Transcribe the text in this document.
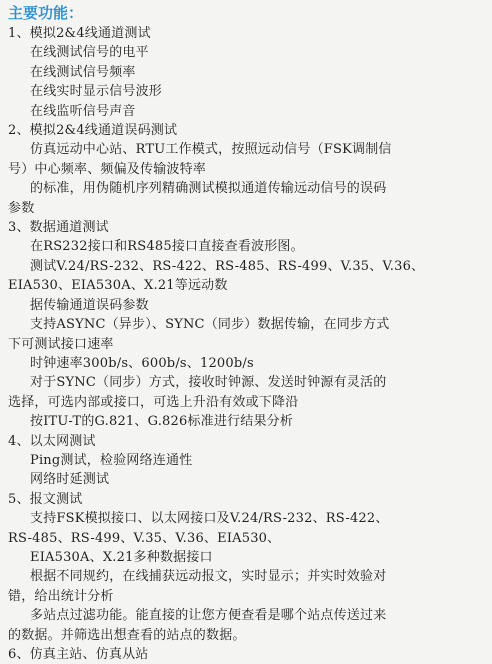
主要功能：
1、模拟2&4线通道测试
在线测试信号的电平
在线测试信号频率
在线实时显示信号波形
在线监听信号声音
2、模拟2&4线通道误码测试
仿真远动中心站、RTU工作模式，按照远动信号（FSK调制信
号）中心频率、频偏及传输波特率
的标准，用伪随机序列精确测试模拟通道传输远动信号的误码
参数
3、数据通道测试
在RS232接口和RS485接口直接查看波形图。
测试V.24/RS-232、RS-422、RS-485、RS-499、V.35、V.36、
EIA530、EIA530A、X.21等远动数
据传输通道误码参数
支持ASYNC（异步）、SYNC（同步）数据传输，在同步方式
下可测试接口速率
时钟速率300b/s、600b/s、1200b/s
对于SYNC（同步）方式，接收时钟源、发送时钟源有灵活的
选择，可选内部或接口，可选上升沿有效或下降沿
按ITU-T的G.821、G.826标准进行结果分析
4、以太网测试
Ping测试，检验网络连通性
网络时延测试
5、报文测试
支持FSK模拟接口、以太网接口及V.24/RS-232、RS-422、
RS-485、RS-499、V.35、V.36、EIA530、
EIA530A、X.21多种数据接口
根据不同规约，在线捕获远动报文，实时显示；并实时效验对
错，给出统计分析
多站点过滤功能。能直接的让您方便查看是哪个站点传送过来
的数据。并筛选出想查看的站点的数据。
6、仿真主站、仿真从站
